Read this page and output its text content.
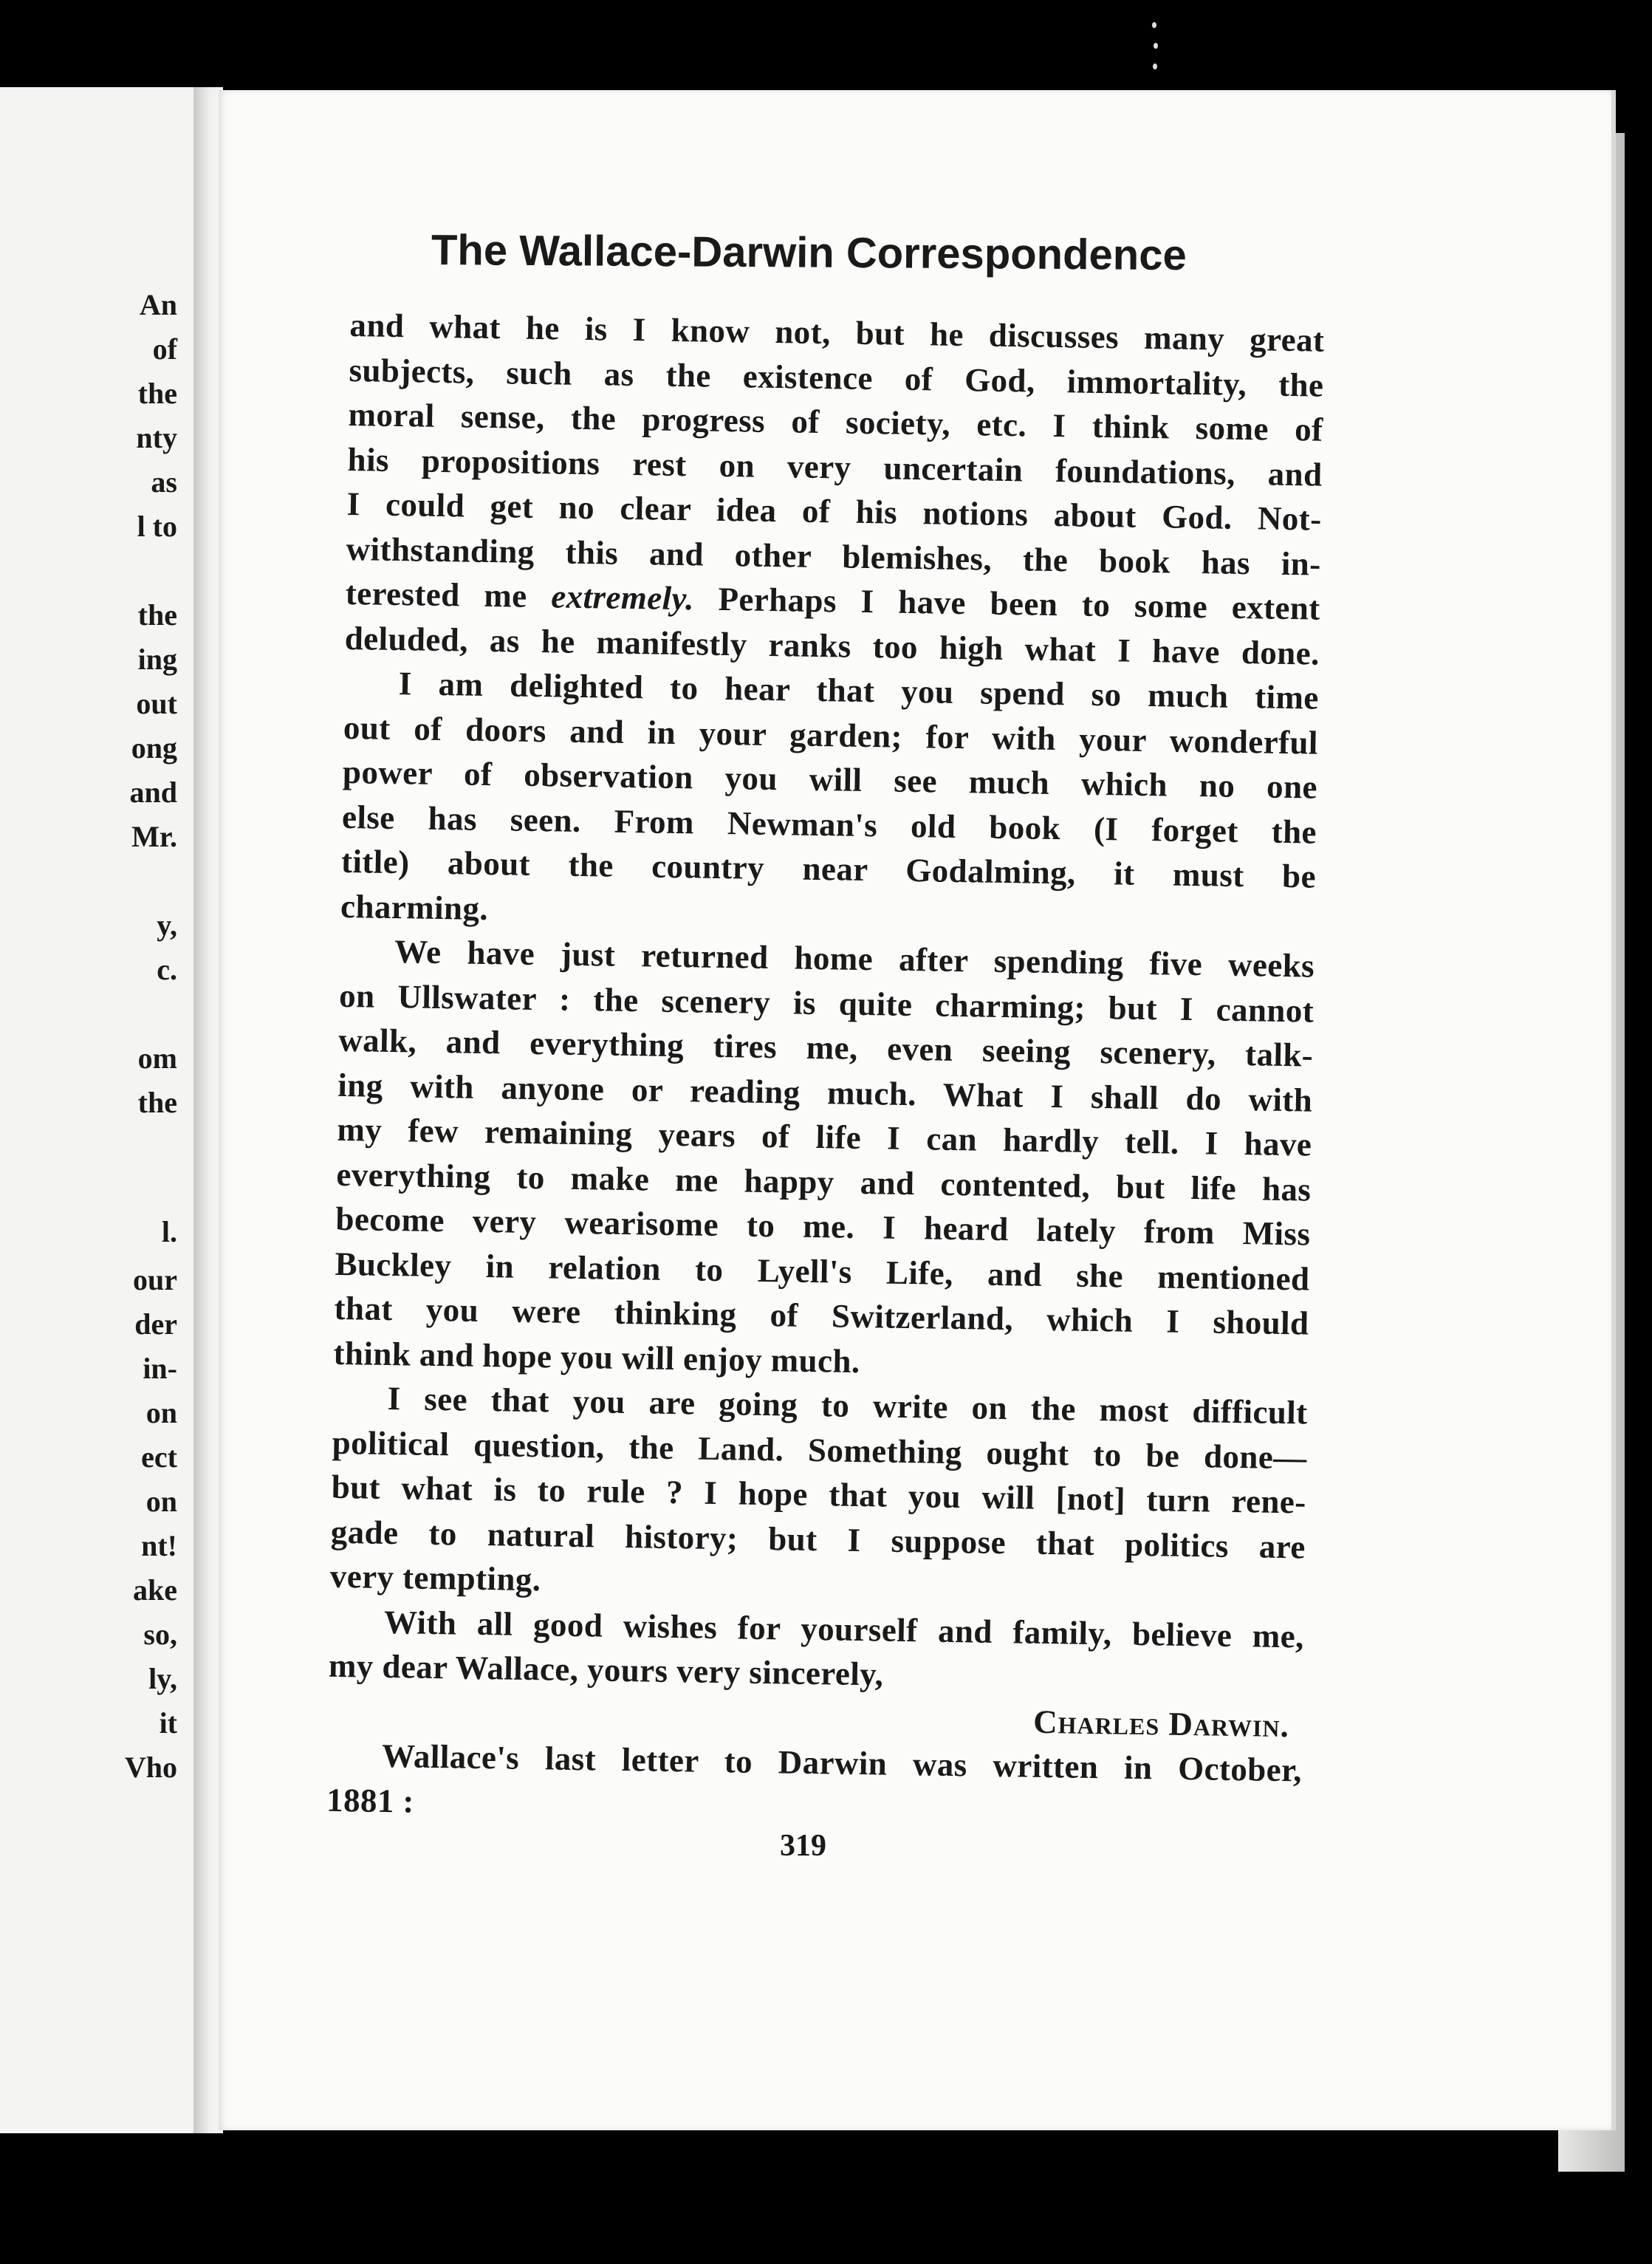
An
of
the
nty
as
l to
the
ing
out
ong
and
Mr.
y,
c.
om
the
l.
our
der
in-
on
ect
on
nt!
ake
so,
ly,
it
Vho
The Wallace-Darwin Correspondence
and what he is I know not, but he discusses many great
subjects, such as the existence of God, immortality, the
moral sense, the progress of society, etc. I think some of
his propositions rest on very uncertain foundations, and
I could get no clear idea of his notions about God. Not-
withstanding this and other blemishes, the book has in-
terested me extremely. Perhaps I have been to some extent
deluded, as he manifestly ranks too high what I have done.
I am delighted to hear that you spend so much time
out of doors and in your garden; for with your wonderful
power of observation you will see much which no one
else has seen. From Newman's old book (I forget the
title) about the country near Godalming, it must be
charming.
We have just returned home after spending five weeks
on Ullswater : the scenery is quite charming; but I cannot
walk, and everything tires me, even seeing scenery, talk-
ing with anyone or reading much. What I shall do with
my few remaining years of life I can hardly tell. I have
everything to make me happy and contented, but life has
become very wearisome to me. I heard lately from Miss
Buckley in relation to Lyell's Life, and she mentioned
that you were thinking of Switzerland, which I should
think and hope you will enjoy much.
I see that you are going to write on the most difficult
political question, the Land. Something ought to be done—
but what is to rule ? I hope that you will [not] turn rene-
gade to natural history; but I suppose that politics are
very tempting.
With all good wishes for yourself and family, believe me,
my dear Wallace, yours very sincerely,
Charles Darwin.
Wallace's last letter to Darwin was written in October,
1881 :
319
